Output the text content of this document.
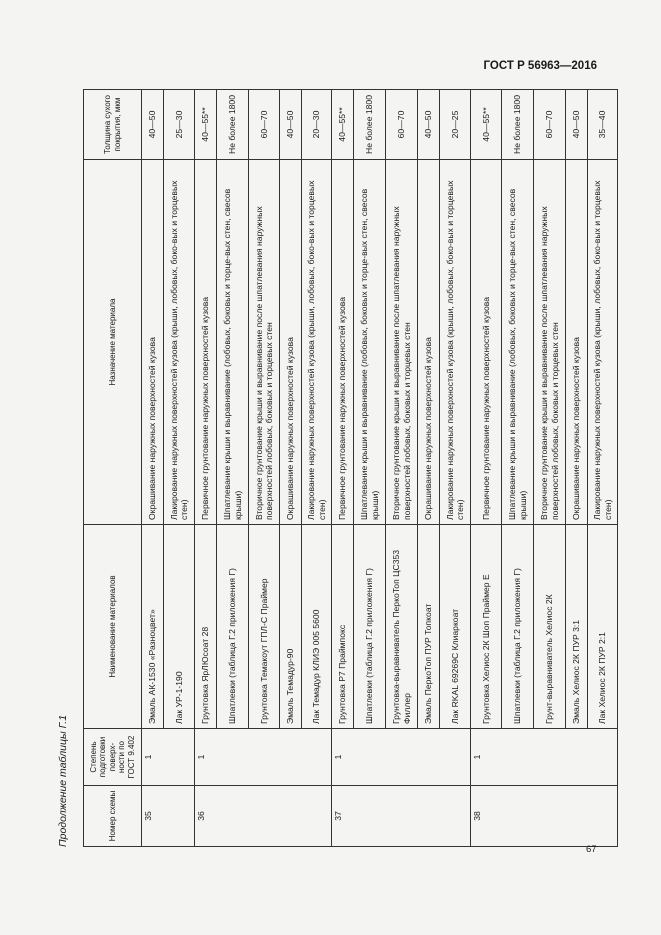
ГОСТ Р 56963—2016
Продолжение таблицы Г.1	Номер схемы	Степень подготовки поверх-ности по ГОСТ 9.402	Наименование материалов	Назначение материала	Толщина сухого покрытия, мкм
35	1	Эмаль АК-1530 «Разноцвет»	Окрашивание наружных поверхностей кузова	40—50
		Лак УР-1-190	Лакирование наружных поверхностей кузова (крыши, лобовых, боко-вых и торцевых стен)	25—30
36	1	Грунтовка ЯрЛЮсоат 28	Первичное грунтование наружных поверхностей кузова	40—55**
		Шпатлевки (таблица Г.2 приложения Г)	Шпатлевание крыши и выравнивание (лобовых, боковых и торце-вых стен, свесов крыши)	Не более 1800
		Грунтовка Темакоут ГПЛ-С Праймер	Вторичное грунтование крыши и выравнивание после шпатлевания наружных поверхностей лобовых, боковых и торцевых стен	60—70
		Эмаль Темадур-90	Окрашивание наружных поверхностей кузова	40—50
		Лак Темадур КЛИЭ 005 5600	Лакирование наружных поверхностей кузова (крыши, лобовых, боко-вых и торцевых стен)	20—30
37	1	Грунтовка Р7 Праймпокс	Первичное грунтование наружных поверхностей кузова	40—55**
		Шпатлевки (таблица Г.2 приложения Г)	Шпатлевание крыши и выравнивание (лобовых, боковых и торце-вых стен, свесов крыши)	Не более 1800
		Грунтовка-выравниватель ПеркоТоп ЦС353 Филлер	Вторичное грунтование крыши и выравнивание после шпатлевания наружных поверхностей лобовых, боковых и торцевых стен	60—70
		Эмаль ПеркоТоп ПУР Топкоат	Окрашивание наружных поверхностей кузова	40—50
		Лак RKAL 69269C Клиаркоат	Лакирование наружных поверхностей кузова (крыши, лобовых, боко-вых и торцевых стен)	20—25
38	1	Грунтовка Хелиос 2К Шоп Праймер Е	Первичное грунтование наружных поверхностей кузова	40—55**
		Шпатлевки (таблица Г.2 приложения Г)	Шпатлевание крыши и выравнивание (лобовых, боковых и торце-вых стен, свесов крыши)	Не более 1800
		Грунт-выравниватель Хелиос 2К	Вторичное грунтование крыши и выравнивание после шпатлевания наружных поверхностей лобовых, боковых и торцевых стен	60—70
		Эмаль Хелиос 2К ПУР 3:1	Окрашивание наружных поверхностей кузова	40—50
		Лак Хелиос 2К ПУР 2:1	Лакирование наружных поверхностей кузова (крыши, лобовых, боко-вых и торцевых стен)	35—40
67
